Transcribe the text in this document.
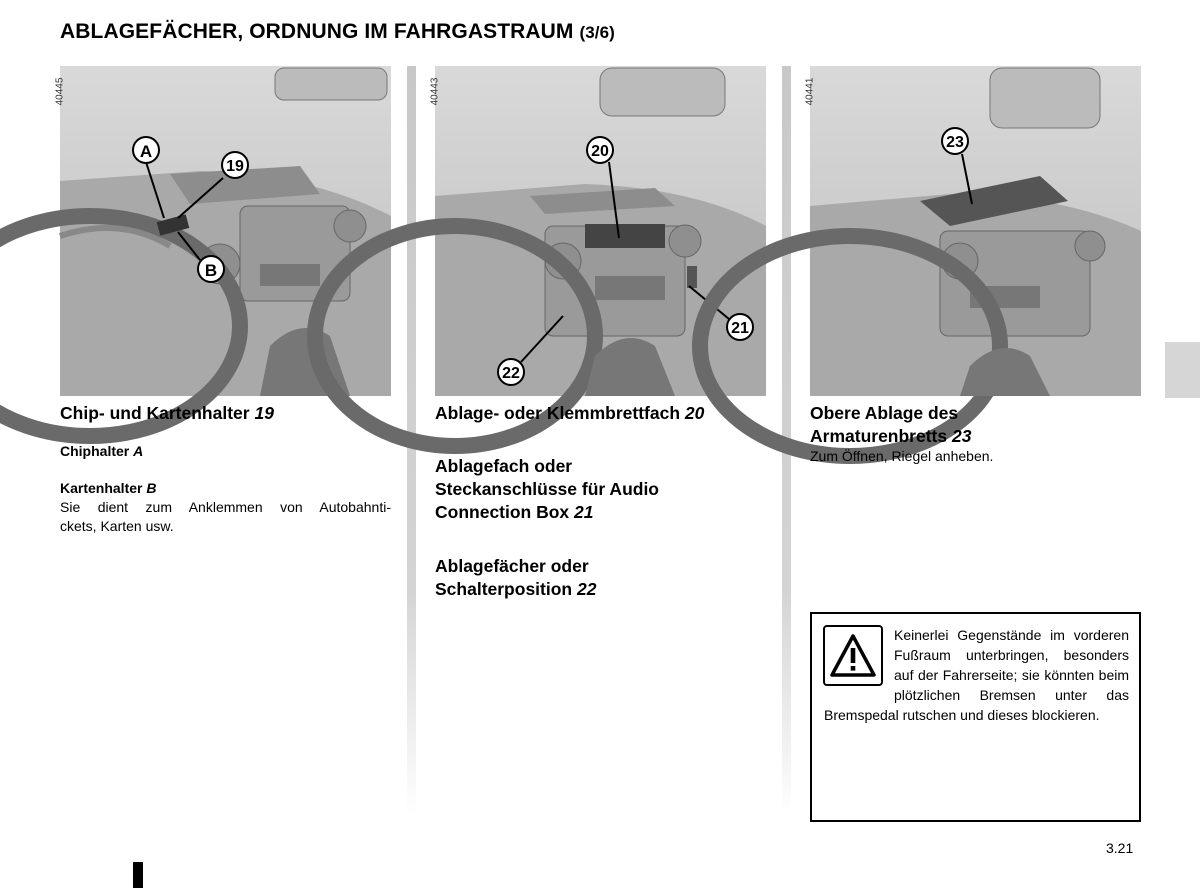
ABLAGEFÄCHER, ORDNUNG IM FAHRGASTRAUM (3/6)
40445
A
19
B
40443
20
21
22
40441
23
Chip- und Kartenhalter 19
Chiphalter A
Kartenhalter B
Sie dient zum Anklemmen von Autobahnti-
ckets, Karten usw.
Ablage- oder Klemmbrettfach 20
Ablagefach oder
Steckanschlüsse für Audio
Connection Box 21
Ablagefächer oder
Schalterposition 22
Obere Ablage des
Armaturenbretts 23
Zum Öffnen, Riegel anheben.
Keinerlei Gegenstände im vorderen Fußraum unterbringen, besonders auf der Fahrerseite; sie könnten beim plötzlichen Bremsen unter das Bremspedal rutschen und dieses blockieren.
3.21
